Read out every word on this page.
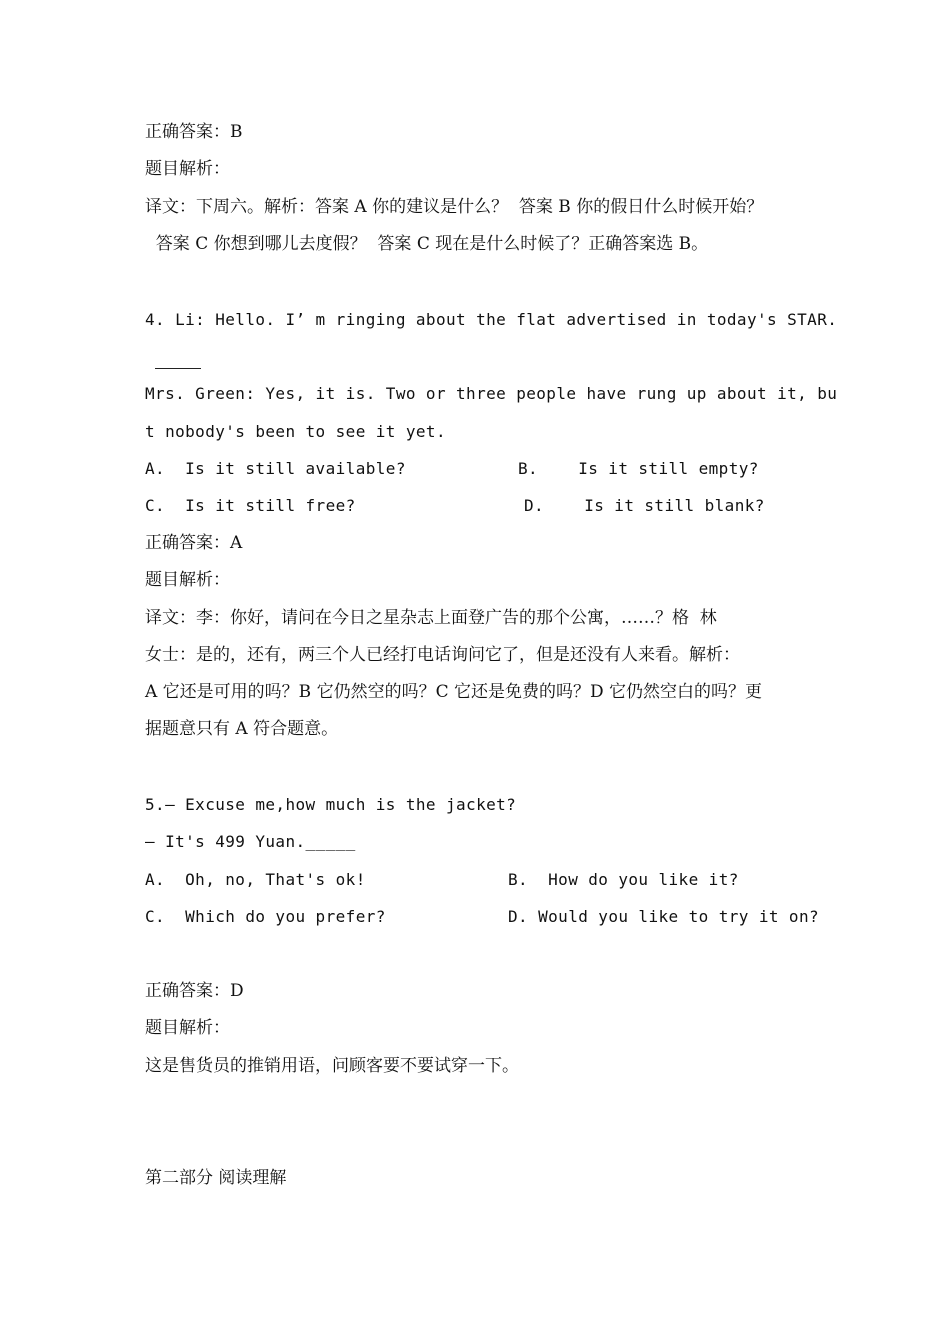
正确答案：B
题目解析：
译文：下周六。解析：答案 A 你的建议是什么？  答案 B 你的假日什么时候开始？
答案 C 你想到哪儿去度假？  答案 C 现在是什么时候了？正确答案选 B。
4. Li: Hello. I’ m ringing about the flat advertised in today's STAR.
Mrs. Green: Yes, it is. Two or three people have rung up about it, bu
t nobody's been to see it yet.
A.  Is it still available?	B.    Is it still empty?
C.  Is it still free?	D.    Is it still blank?
正确答案：A
题目解析：
译文：李：你好，请问在今日之星杂志上面登广告的那个公寓，……？格  林
女士：是的，还有，两三个人已经打电话询问它了，但是还没有人来看。解析：
A 它还是可用的吗？B 它仍然空的吗？C 它还是免费的吗？D 它仍然空白的吗？更
据题意只有 A 符合题意。
5.— Excuse me,how much is the jacket?
— It's 499 Yuan._____
A.  Oh, no, That's ok!	B.  How do you like it?
C.  Which do you prefer?	D. Would you like to try it on?
正确答案：D
题目解析：
这是售货员的推销用语，问顾客要不要试穿一下。
第二部分 阅读理解
